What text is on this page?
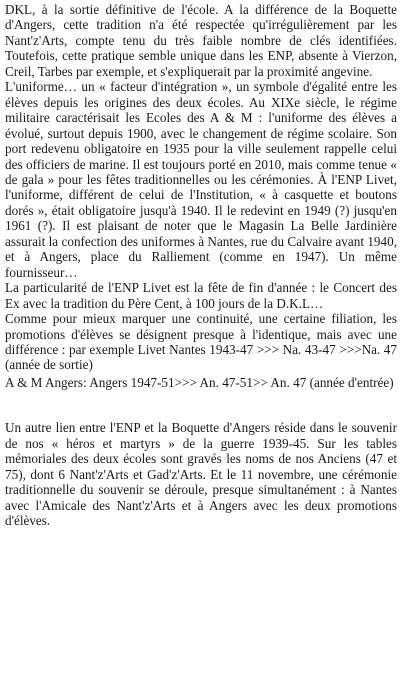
DKL, à la sortie définitive de l'école. A la différence de la Boquette d'Angers, cette tradition n'a été respectée qu'irrégulièrement par les Nant'z'Arts, compte tenu du très faible nombre de clés identifiées. Toutefois, cette pratique semble unique dans les ENP, absente à Vierzon, Creil, Tarbes par exemple, et s'expliquerait par la proximité angevine.

L'uniforme… un « facteur d'intégration », un symbole d'égalité entre les élèves depuis les origines des deux écoles. Au XIXe siècle, le régime militaire caractérisait les Ecoles des A & M : l'uniforme des élèves a évolué, surtout depuis 1900, avec le changement de régime scolaire. Son port redevenu obligatoire en 1935 pour la ville seulement rappelle celui des officiers de marine. Il est toujours porté en 2010, mais comme tenue « de gala » pour les fêtes traditionnelles ou les cérémonies. À l'ENP Livet, l'uniforme, différent de celui de l'Institution, « à casquette et boutons dorés », était obligatoire jusqu'à 1940. Il le redevint en 1949 (?) jusqu'en 1961 (?). Il est plaisant de noter que le Magasin La Belle Jardinière assurait la confection des uniformes à Nantes, rue du Calvaire avant 1940, et à Angers, place du Ralliement (comme en 1947). Un même fournisseur…

La particularité de l'ENP Livet est la fête de fin d'année : le Concert des Ex avec la tradition du Père Cent, à 100 jours de la D.K.L…

Comme pour mieux marquer une continuité, une certaine filiation, les promotions d'élèves se désignent presque à l'identique, mais avec une différence : par exemple Livet Nantes 1943-47 >>> Na. 43-47 >>>Na. 47 (année de sortie)

A & M Angers: Angers 1947-51>>> An. 47-51>> An. 47 (année d'entrée)

Un autre lien entre l'ENP et la Boquette d'Angers réside dans le souvenir de nos « héros et martyrs » de la guerre 1939-45. Sur les tables mémoriales des deux écoles sont gravés les noms de nos Anciens (47 et 75), dont 6 Nant'z'Arts et Gad'z'Arts. Et le 11 novembre, une cérémonie traditionnelle du souvenir se déroule, presque simultanément : à Nantes avec l'Amicale des Nant'z'Arts et à Angers avec les deux promotions d'élèves.
